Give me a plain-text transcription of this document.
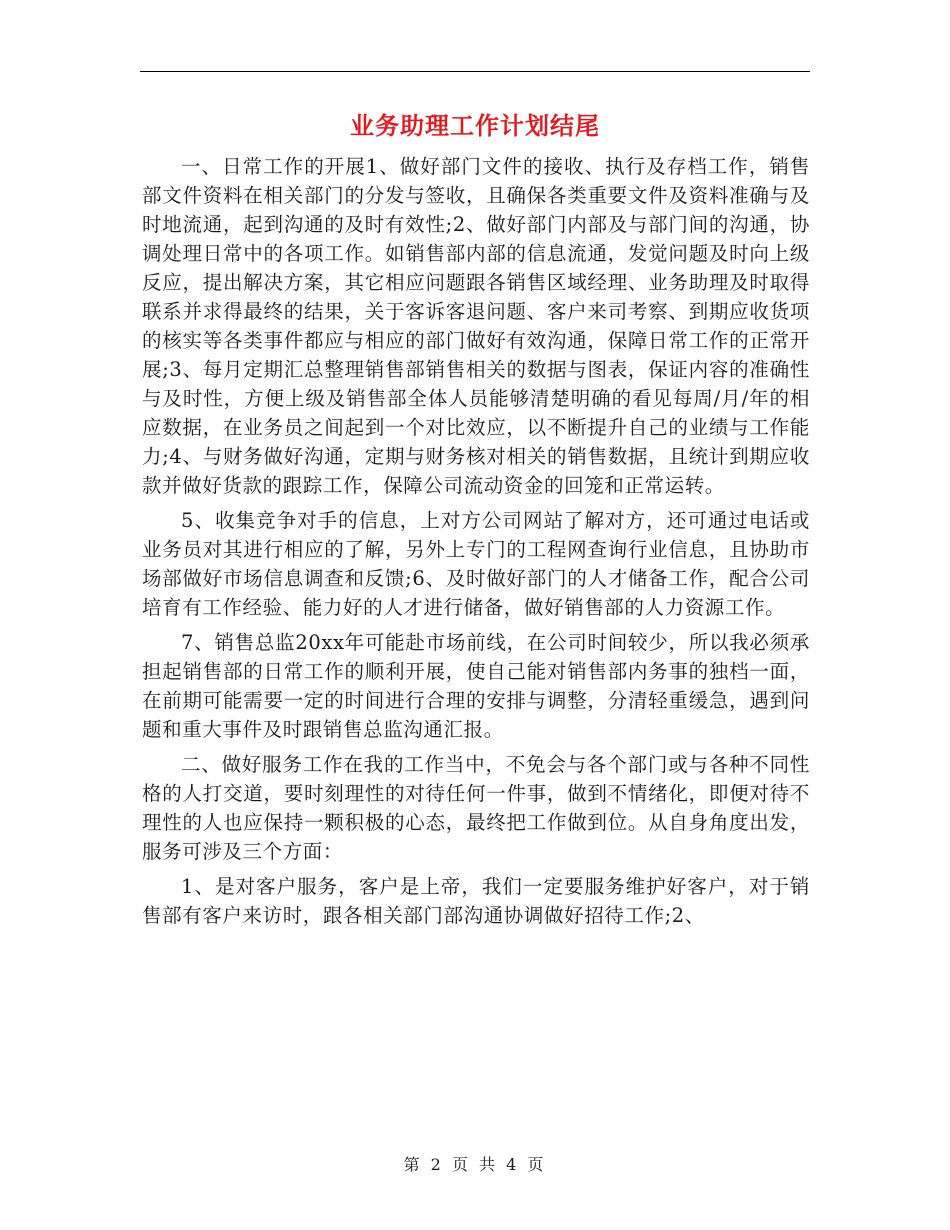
业务助理工作计划结尾

一、日常工作的开展1、做好部门文件的接收、执行及存档工作，销售部文件资料在相关部门的分发与签收，且确保各类重要文件及资料准确与及时地流通，起到沟通的及时有效性;2、做好部门内部及与部门间的沟通，协调处理日常中的各项工作。如销售部内部的信息流通，发觉问题及时向上级反应，提出解决方案，其它相应问题跟各销售区域经理、业务助理及时取得联系并求得最终的结果，关于客诉客退问题、客户来司考察、到期应收货项的核实等各类事件都应与相应的部门做好有效沟通，保障日常工作的正常开展;3、每月定期汇总整理销售部销售相关的数据与图表，保证内容的准确性与及时性，方便上级及销售部全体人员能够清楚明确的看见每周/月/年的相应数据，在业务员之间起到一个对比效应，以不断提升自己的业绩与工作能力;4、与财务做好沟通，定期与财务核对相关的销售数据，且统计到期应收款并做好货款的跟踪工作，保障公司流动资金的回笼和正常运转。

5、收集竞争对手的信息，上对方公司网站了解对方，还可通过电话或业务员对其进行相应的了解，另外上专门的工程网查询行业信息，且协助市场部做好市场信息调查和反馈;6、及时做好部门的人才储备工作，配合公司培育有工作经验、能力好的人才进行储备，做好销售部的人力资源工作。

7、销售总监20xx年可能赴市场前线，在公司时间较少，所以我必须承担起销售部的日常工作的顺利开展，使自己能对销售部内务事的独档一面，在前期可能需要一定的时间进行合理的安排与调整，分清轻重缓急，遇到问题和重大事件及时跟销售总监沟通汇报。

二、做好服务工作在我的工作当中，不免会与各个部门或与各种不同性格的人打交道，要时刻理性的对待任何一件事，做到不情绪化，即便对待不理性的人也应保持一颗积极的心态，最终把工作做到位。从自身角度出发，服务可涉及三个方面：

1、是对客户服务，客户是上帝，我们一定要服务维护好客户，对于销售部有客户来访时，跟各相关部门部沟通协调做好招待工作;2、

第 2 页 共 4 页
